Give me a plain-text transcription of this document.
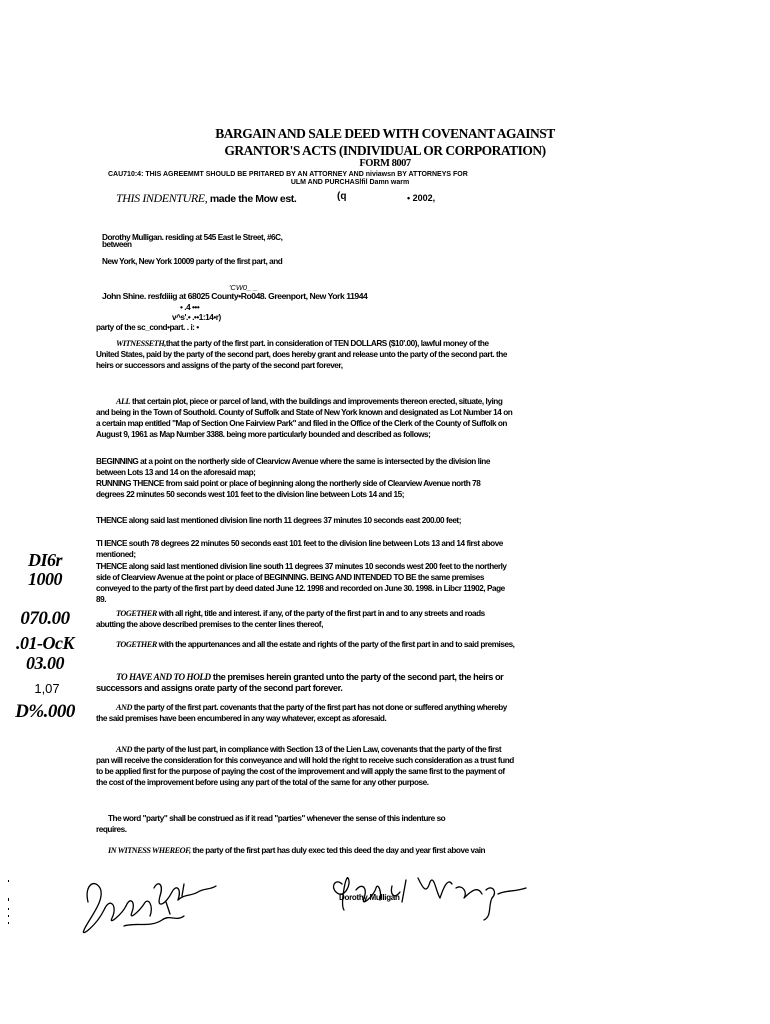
BARGAIN AND SALE DEED WITH COVENANT AGAINST
GRANTOR'S ACTS (INDIVIDUAL OR CORPORATION)
FORM 8007
CAU710:4: THIS AGREEMMT SHOULD BE PRITARED BY AN ATTORNEY AND niviawsn BY ATTORNEYS FOR
ULM AND PURCHASlfil Damn warm
THIS INDENTURE, made the Mow est.	(q	• 2002,
between
Dorothy Mulligan. residing at 545 East le Street, #6C,
New York, New York 10009 party of the first part, and
'CW0_ _
John Shine. resfdiiig at 68025 County•Ro048. Greenport, New York 11944
• .4 •••
v^s'.• .••1:14•r)
party of the sc_cond•part. . i: •
WITNESSETH,that the party of the first part. in consideration of TEN DOLLARS ($10'.00), lawful money of the United States, paid by the party of the second part, does hereby grant and release unto the party of the second part. the heirs or successors and assigns of the party of the second part forever,
ALL that certain plot, piece or parcel of land, with the buildings and improvements thereon erected, situate, lying and being in the Town of Southold. County of Suffolk and State of New York known and designated as Lot Number 14 on a certain map entitled "Map of Section One Fairview Park" and filed in the Office of the Clerk of the County of Suffolk on August 9, 1961 as Map Number 3388. being more particularly bounded and described as follows;
BEGINNING at a point on the northerly side of Clearvicw Avenue where the same is intersected by the division line between Lots 13 and 14 on the aforesaid map;
RUNNING THENCE from said point or place of beginning along the northerly side of Clearview Avenue north 78 degrees 22 minutes 50 seconds west 101 feet to the division line between Lots 14 and 15;
THENCE along said last mentioned division line north 11 degrees 37 minutes 10 seconds east 200.00 feet;
TI IENCE south 78 degrees 22 minutes 50 seconds east 101 feet to the division line between Lots 13 and 14 first above mentioned;
THENCE along said last mentioned division line south 11 degrees 37 minutes 10 seconds west 200 feet to the northerly side of Clearview Avenue at the point or place of BEGINNING. BEING AND INTENDED TO BE the same premises conveyed to the party of the first part by deed dated June 12. 1998 and recorded on June 30. 1998. in Libcr 11902, Page 89.
TOGETHER with all right, title and interest. if any, of the party of the first part in and to any streets and roads abutting the above described premises to the center lines thereof,
TOGETHER with the appurtenances and all the estate and rights of the party of the first part in and to said premises,
TO HAVE AND TO HOLD the premises herein granted unto the party of the second part, the heirs or successors and assigns orate party of the second part forever.
AND the party of the first part. covenants that the party of the first part has not done or suffered anything whereby the said premises have been encumbered in any way whatever, except as aforesaid.
AND the party of the lust part, in compliance with Section 13 of the Lien Law, covenants that the party of the first pan will receive the consideration for this conveyance and will hold the right to receive such consideration as a trust fund to be applied first for the purpose of paying the cost of the improvement and will apply the same first to the payment of the cost of the improvement before using any part of the total of the same for any other purpose.
The word "party" shall be construed as if it read "parties" whenever the sense of this indenture so requires.
IN WITNESS WHEREOF, the party of the first part has duly exec ted this deed the day and year first above vain
DI6r
1000
070.00
.01-OcK
03.00
1,07
D%.000
Dorothy Mulligan
